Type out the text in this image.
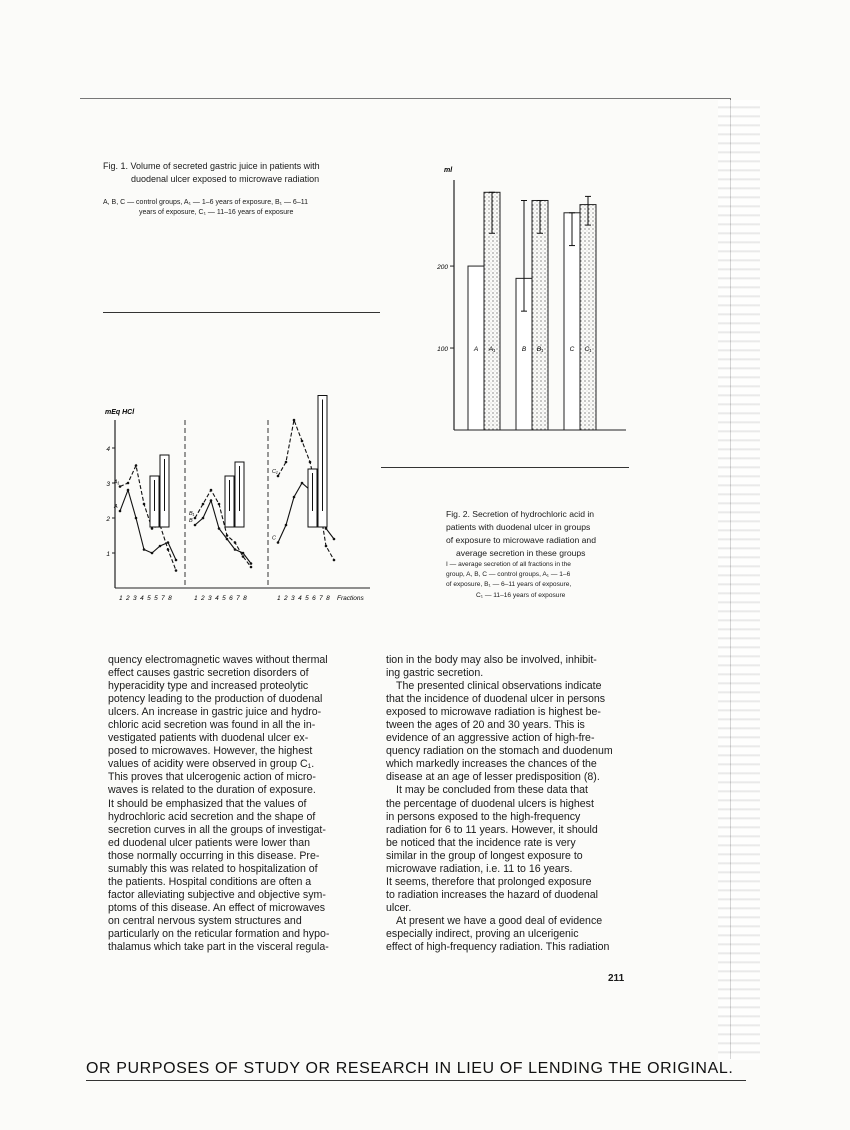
Fig. 1. Volume of secreted gastric juice in patients with
duodenal ulcer exposed to microwave radiation
A, B, C — control groups, A₁ — 1–6 years of exposure, B₁ — 6–11
years of exposure, C₁ — 11–16 years of exposure
ml
100
200
A A₁	B B₁	C C₁
mEq HCl
1
2
3
4
A
A₁
1 2 3 4 5 5 7 8
B
B₁
1 2 3 4 5 6 7 8
C
C₁
1 2 3 4 5 6 7 8 Fractions
Fig. 2. Secretion of hydrochloric acid in
patients with duodenal ulcer in groups
of exposure to microwave radiation and
average secretion in these groups
I — average secretion of all fractions in the
group, A, B, C — control groups, A₁ — 1–6
of exposure, B₁ — 6–11 years of exposure,
C₁ — 11–16 years of exposure

quency electromagnetic waves without thermal

effect causes gastric secretion disorders of

hyperacidity type and increased proteolytic

potency leading to the production of duodenal

ulcers. An increase in gastric juice and hydro-

chloric acid secretion was found in all the in-

vestigated patients with duodenal ulcer ex-

posed to microwaves. However, the highest

values of acidity were observed in group C₁.

This proves that ulcerogenic action of micro-

waves is related to the duration of exposure.

It should be emphasized that the values of

hydrochloric acid secretion and the shape of

secretion curves in all the groups of investigat-

ed duodenal ulcer patients were lower than

those normally occurring in this disease. Pre-

sumably this was related to hospitalization of

the patients. Hospital conditions are often a

factor alleviating subjective and objective sym-

ptoms of this disease. An effect of microwaves

on central nervous system structures and

particularly on the reticular formation and hypo-

thalamus which take part in the visceral regula-

tion in the body may also be involved, inhibit-

ing gastric secretion.

The presented clinical observations indicate

that the incidence of duodenal ulcer in persons

exposed to microwave radiation is highest be-

tween the ages of 20 and 30 years. This is

evidence of an aggressive action of high-fre-

quency radiation on the stomach and duodenum

which markedly increases the chances of the

disease at an age of lesser predisposition (8).

It may be concluded from these data that

the percentage of duodenal ulcers is highest

in persons exposed to the high-frequency

radiation for 6 to 11 years. However, it should

be noticed that the incidence rate is very

similar in the group of longest exposure to

microwave radiation, i.e. 11 to 16 years.

It seems, therefore that prolonged exposure

to radiation increases the hazard of duodenal

ulcer.

At present we have a good deal of evidence

especially indirect, proving an ulcerigenic

effect of high-frequency radiation. This radiation

211
OR PURPOSES OF STUDY OR RESEARCH IN LIEU OF LENDING THE ORIGINAL.
